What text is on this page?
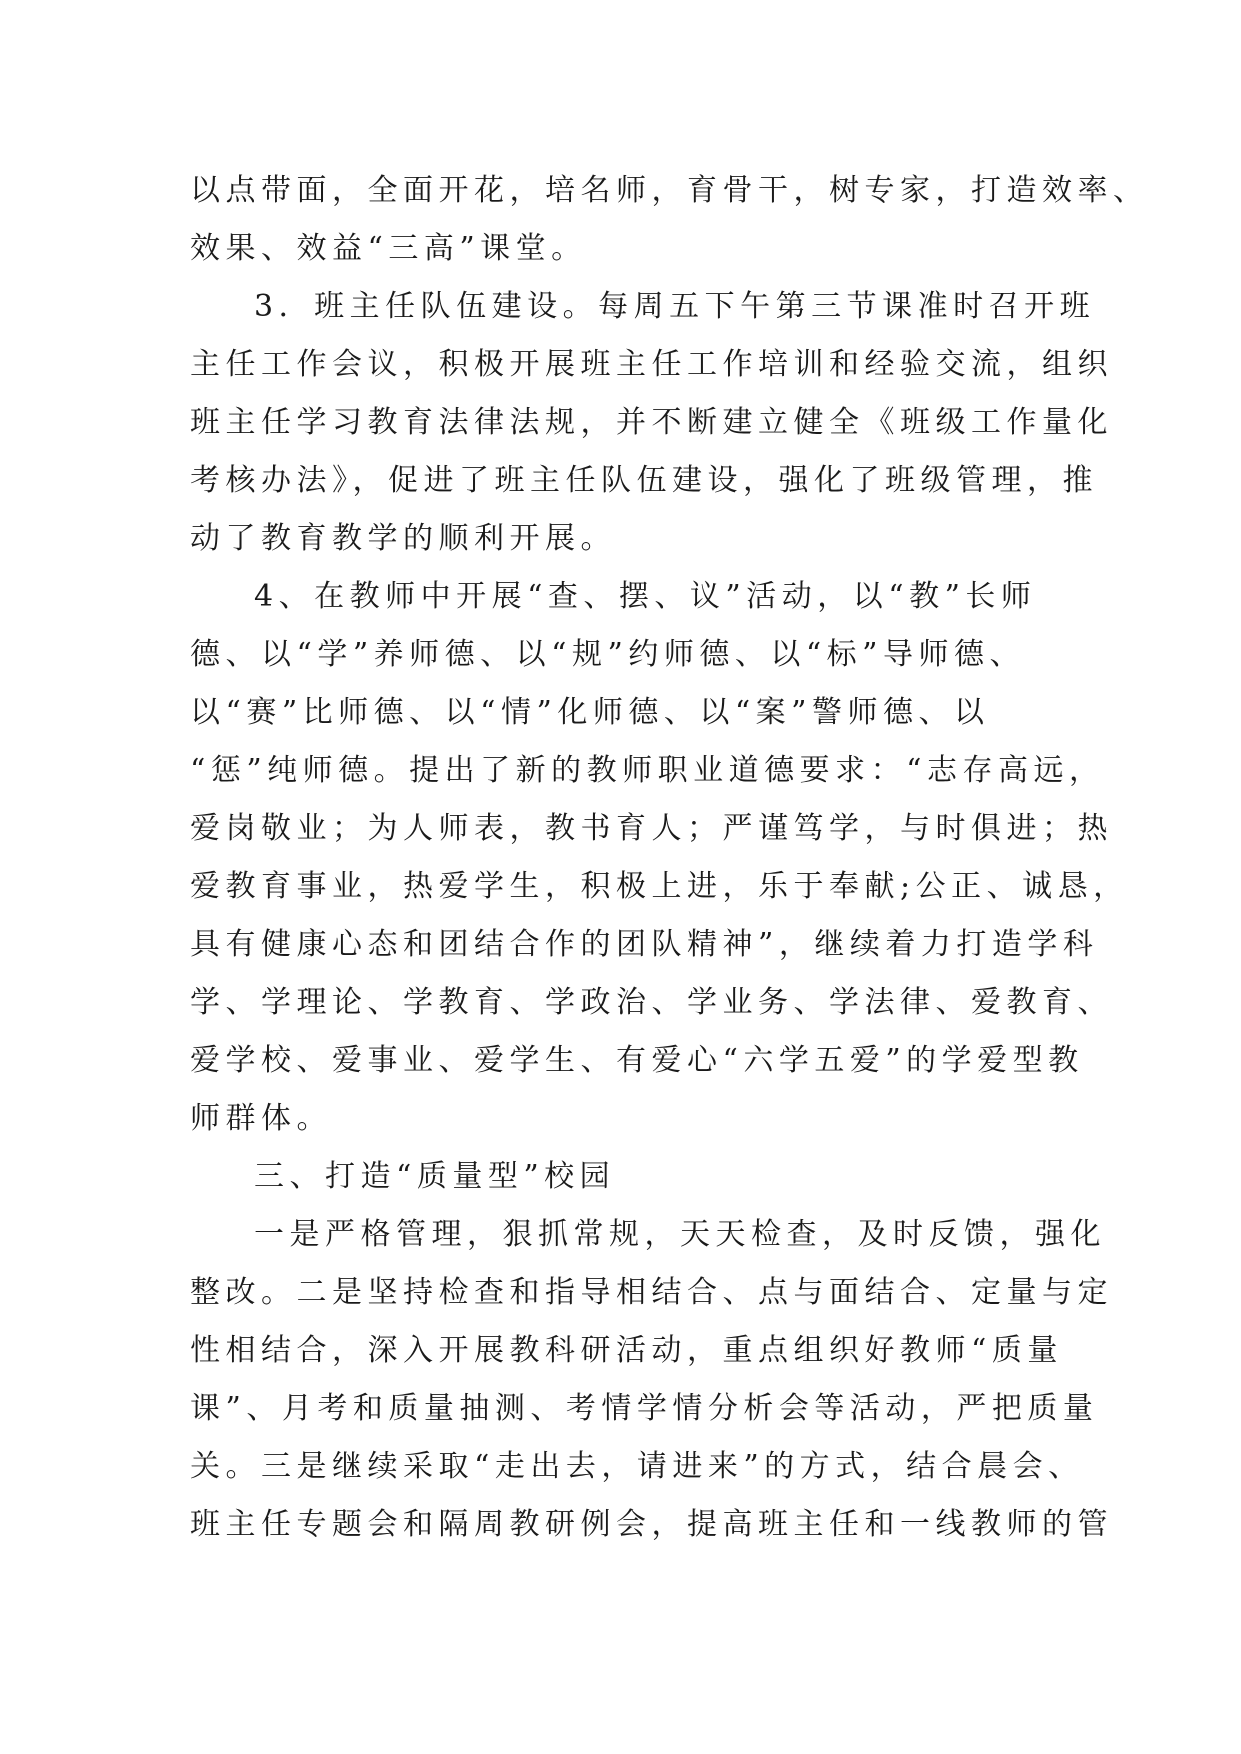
以点带面，全面开花，培名师，育骨干，树专家，打造效率、
效果、效益“三高”课堂。
3．班主任队伍建设。每周五下午第三节课准时召开班
主任工作会议，积极开展班主任工作培训和经验交流，组织
班主任学习教育法律法规，并不断建立健全《班级工作量化
考核办法》，促进了班主任队伍建设，强化了班级管理，推
动了教育教学的顺利开展。
4、在教师中开展“查、摆、议”活动，以“教”长师
德、以“学”养师德、以“规”约师德、以“标”导师德、
以“赛”比师德、以“情”化师德、以“案”警师德、以
“惩”纯师德。提出了新的教师职业道德要求：“志存高远，
爱岗敬业；为人师表，教书育人；严谨笃学，与时俱进；热
爱教育事业，热爱学生，积极上进，乐于奉献;公正、诚恳，
具有健康心态和团结合作的团队精神”，继续着力打造学科
学、学理论、学教育、学政治、学业务、学法律、爱教育、
爱学校、爱事业、爱学生、有爱心“六学五爱”的学爱型教
师群体。
三、打造“质量型”校园
一是严格管理，狠抓常规，天天检查，及时反馈，强化
整改。二是坚持检查和指导相结合、点与面结合、定量与定
性相结合，深入开展教科研活动，重点组织好教师“质量
课”、月考和质量抽测、考情学情分析会等活动，严把质量
关。三是继续采取“走出去，请进来”的方式，结合晨会、
班主任专题会和隔周教研例会，提高班主任和一线教师的管
